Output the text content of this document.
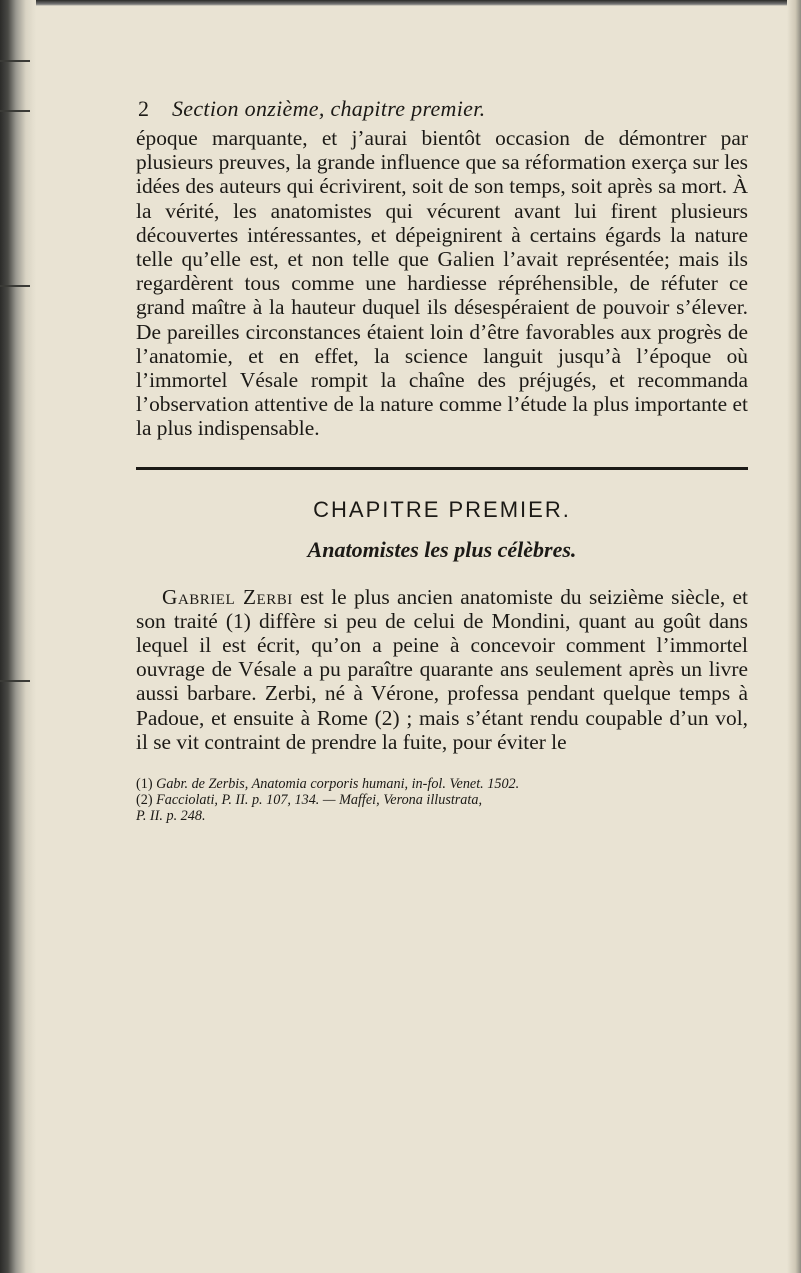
2 Section onzième, chapitre premier.

époque marquante, et j’aurai bientôt occasion de démontrer par plusieurs preuves, la grande influence que sa réformation exerça sur les idées des auteurs qui écrivirent, soit de son temps, soit après sa mort. À la vérité, les anatomistes qui vécurent avant lui firent plusieurs découvertes intéressantes, et dépeignirent à certains égards la nature telle qu’elle est, et non telle que Galien l’avait représentée; mais ils regardèrent tous comme une hardiesse répréhensible, de réfuter ce grand maître à la hauteur duquel ils désespéraient de pouvoir s’élever. De pareilles circonstances étaient loin d’être favorables aux progrès de l’anatomie, et en effet, la science languit jusqu’à l’époque où l’immortel Vésale rompit la chaîne des préjugés, et recommanda l’observation attentive de la nature comme l’étude la plus importante et la plus indispensable.

CHAPITRE PREMIER.
Anatomistes les plus célèbres.

Gabriel Zerbi est le plus ancien anatomiste du seizième siècle, et son traité (1) diffère si peu de celui de Mondini, quant au goût dans lequel il est écrit, qu’on a peine à concevoir comment l’immortel ouvrage de Vésale a pu paraître quarante ans seulement après un livre aussi barbare. Zerbi, né à Vérone, professa pendant quelque temps à Padoue, et ensuite à Rome (2) ; mais s’étant rendu coupable d’un vol, il se vit contraint de prendre la fuite, pour éviter le

(1) Gabr. de Zerbis, Anatomia corporis humani, in-fol. Venet. 1502.
(2) Facciolati, P. II. p. 107, 134. — Maffei, Verona illustrata,
P. II. p. 248.
